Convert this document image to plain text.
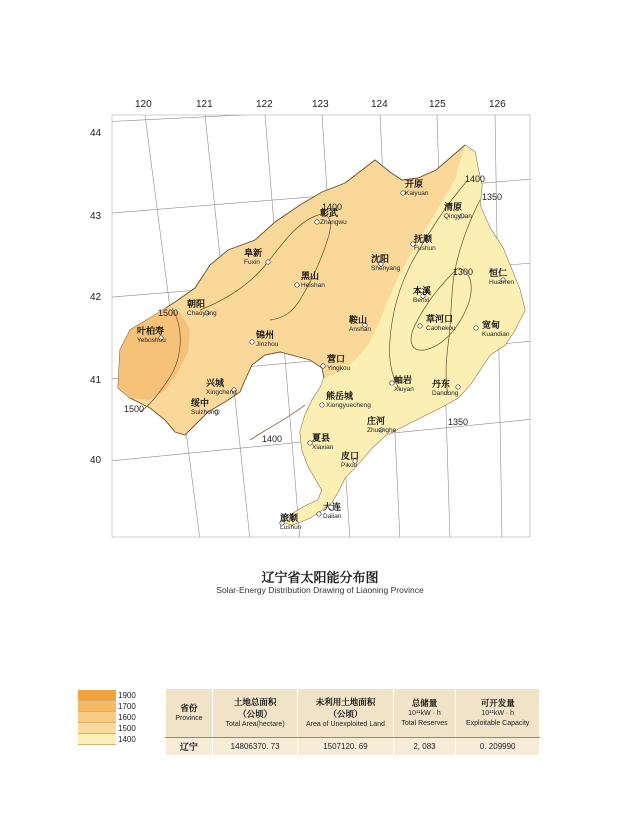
1400
1400
1350
1350
1300
1500
1500
1400
120	121	122	123	124	125	126
44
43
42
41
40
开原
Kaiyuan
彰武
Zhangwu
清原
Qingyuan
抚顺
Fushun
阜新
Fuxin	沈阳
Shenyang
黑山
Heishan
恒仁
Huanren
本溪
Benxi
朝阳
Chaoyang
鞍山
Anshan
草河口
Caohekou	宽甸
Kuandian
叶柏寿
Yeboshou	锦州
Jinzhou
营口
Yingkou
兴城
Xingcheng
岫岩
Xiuyan 丹东
Dandong
熊岳城
Xiongyuecheng
绥中
Suizhong
庄河
Zhuanghe
夏县
Xiaxian
皮口
Pikou
大连
Dalian
旅顺
Lushun
辽宁省太阳能分布图
Solar-Energy Distribution Drawing of Liaoning Province
1900
1700
1600
1500
1400
省份
Province	土地总面积
（公顷）
Total Area(hectare)	未利用土地面积
（公顷）
Area of Unexploited Land	总储量
10¹¹kW · h
Total Reserves	可开发量
10¹¹kW · h
Exploitable Capacity

辽宁	14806370. 73	1507120. 69	2, 083	0. 209990
